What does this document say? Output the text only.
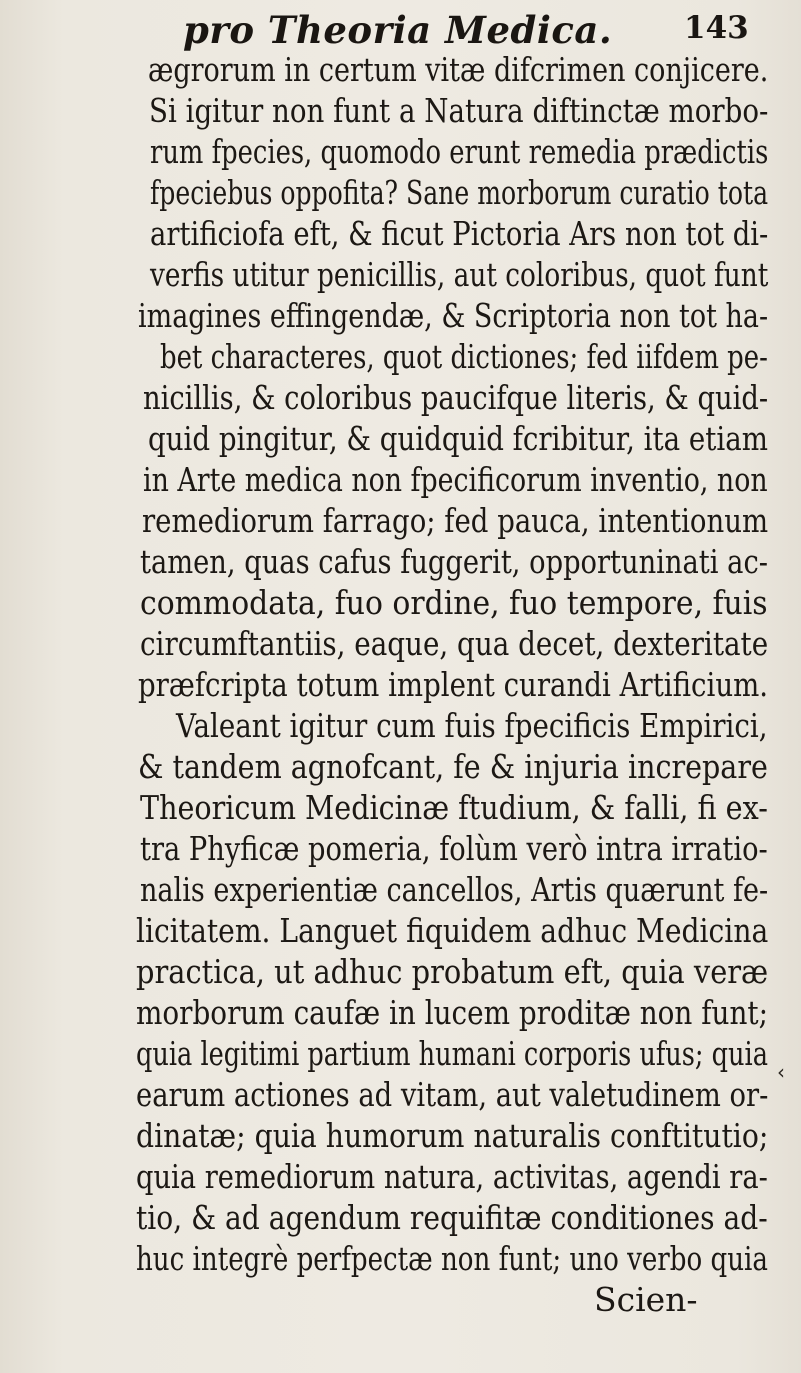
pro Theoria Medica. 143
ægrorum in certum vitæ difcrimen conjicere.
Si igitur non funt a Natura diftinctæ morbo-
rum fpecies, quomodo erunt remedia prædictis
fpeciebus oppofita? Sane morborum curatio tota
artificiofa eft, & ficut Pictoria Ars non tot di-
verfis utitur penicillis, aut coloribus, quot funt
imagines effingendæ, & Scriptoria non tot ha-
bet characteres, quot dictiones; fed iifdem pe-
nicillis, & coloribus paucifque literis, & quid-
quid pingitur, & quidquid fcribitur, ita etiam
in Arte medica non fpecificorum inventio, non
remediorum farrago; fed pauca, intentionum
tamen, quas cafus fuggerit, opportuninati ac-
commodata, fuo ordine, fuo tempore, fuis
circumftantiis, eaque, qua decet, dexteritate
præfcripta totum implent curandi Artificium.
Valeant igitur cum fuis fpecificis Empirici,
& tandem agnofcant, fe & injuria increpare
Theoricum Medicinæ ftudium, & falli, fi ex-
tra Phyficæ pomeria, folùm verò intra irratio-
nalis experientiæ cancellos, Artis quærunt fe-
licitatem. Languet fiquidem adhuc Medicina
practica, ut adhuc probatum eft, quia veræ
morborum caufæ in lucem proditæ non funt;
quia legitimi partium humani corporis ufus; quia
earum actiones ad vitam, aut valetudinem or-
dinatæ; quia humorum naturalis conftitutio;
quia remediorum natura, activitas, agendi ra-
tio, & ad agendum requifitæ conditiones ad-
huc integrè perfpectæ non funt; uno verbo quia
Scien-
‹
